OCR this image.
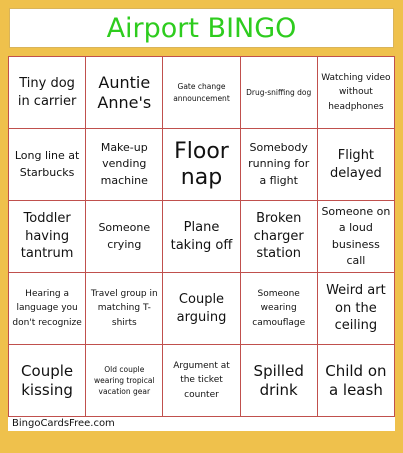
Airport BINGO
Tiny dog in carrier
Auntie Anne's
Gate change announcement
Drug-sniffing dog
Watching video without headphones
Long line at Starbucks
Make-up vending machine
Floor nap
Somebody running for a flight
Flight delayed
Toddler having tantrum
Someone crying
Plane taking off
Broken charger station
Someone on a loud business call
Hearing a language you don't recognize
Travel group in matching T-shirts
Couple arguing
Someone wearing camouflage
Weird art on the ceiling
Couple kissing
Old couple wearing tropical vacation gear
Argument at the ticket counter
Spilled drink
Child on a leash
BingoCardsFree.com
